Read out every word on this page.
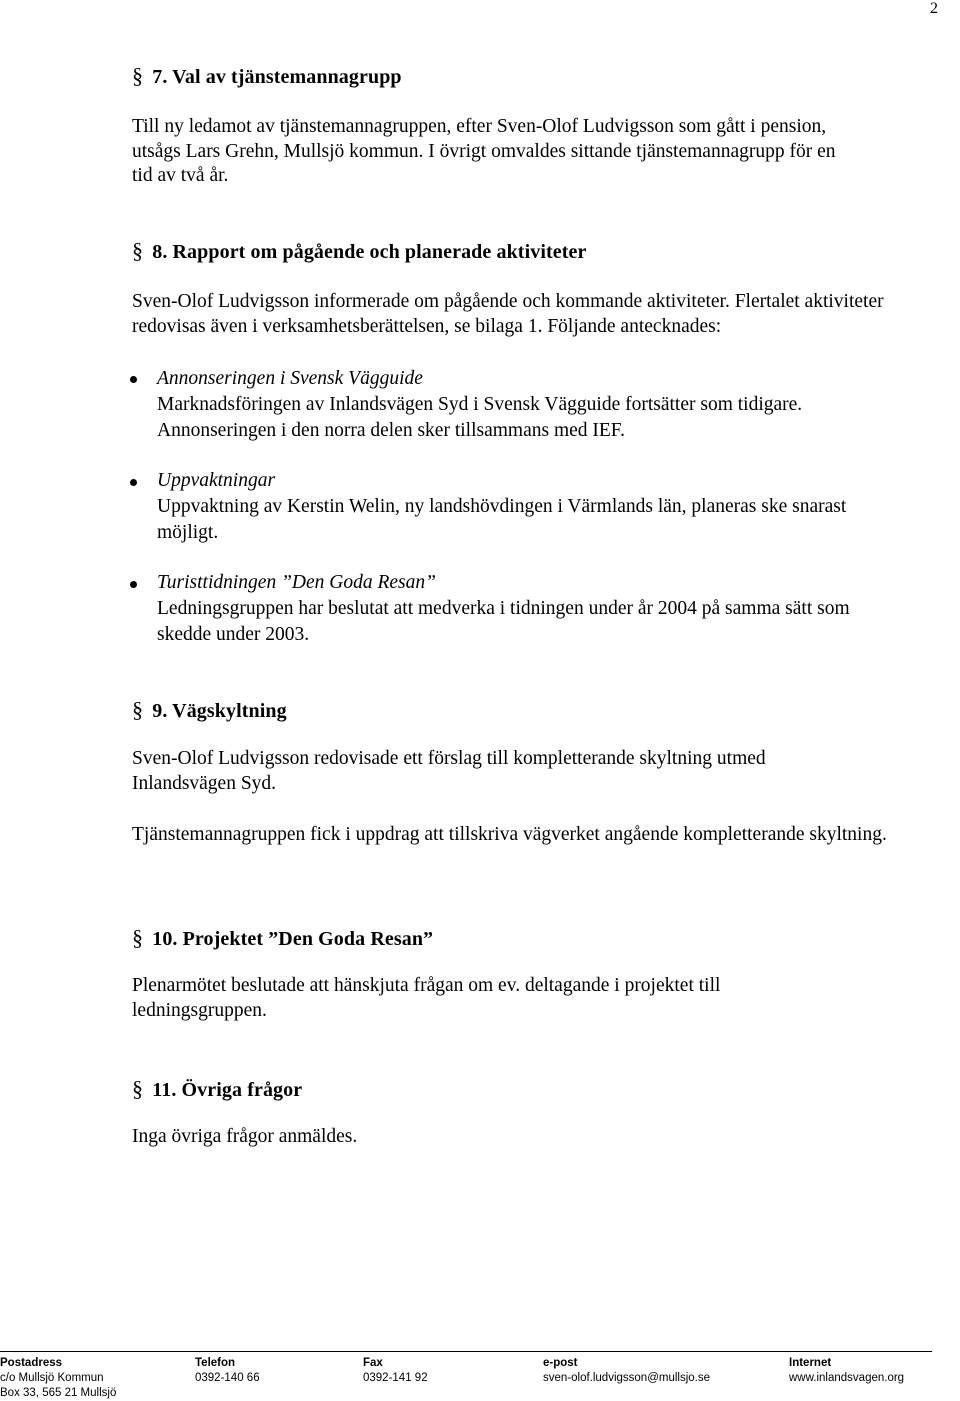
2
§ 7. Val av tjänstemannagrupp
Till ny ledamot av tjänstemannagruppen, efter Sven-Olof Ludvigsson som gått i pension, utsågs Lars Grehn, Mullsjö kommun. I övrigt omvaldes sittande tjänstemannagrupp för en tid av två år.
§ 8. Rapport om pågående och planerade aktiviteter
Sven-Olof Ludvigsson informerade om pågående och kommande aktiviteter. Flertalet aktiviteter redovisas även i verksamhetsberättelsen, se bilaga 1. Följande antecknades:
Annonseringen i Svensk Vägguide
Marknadsföringen av Inlandsvägen Syd i Svensk Vägguide fortsätter som tidigare. Annonseringen i den norra delen sker tillsammans med IEF.
Uppvaktningar
Uppvaktning av Kerstin Welin, ny landshövdingen i Värmlands län, planeras ske snarast möjligt.
Turisttidningen ”Den Goda Resan”
Ledningsgruppen har beslutat att medverka i tidningen under år 2004 på samma sätt som skedde under 2003.
§ 9. Vägskyltning
Sven-Olof Ludvigsson redovisade ett förslag till kompletterande skyltning utmed Inlandsvägen Syd.
Tjänstemannagruppen fick i uppdrag att tillskriva vägverket angående kompletterande skyltning.
§ 10. Projektet ”Den Goda Resan”
Plenarmötet beslutade att hänskjuta frågan om ev. deltagande i projektet till ledningsgruppen.
§ 11. Övriga frågor
Inga övriga frågor anmäldes.
Postadress
c/o Mullsjö Kommun
Box 33, 565 21 Mullsjö
Telefon
0392-140 66
Fax
0392-141 92
e-post
sven-olof.ludvigsson@mullsjo.se
Internet
www.inlandsvagen.org
